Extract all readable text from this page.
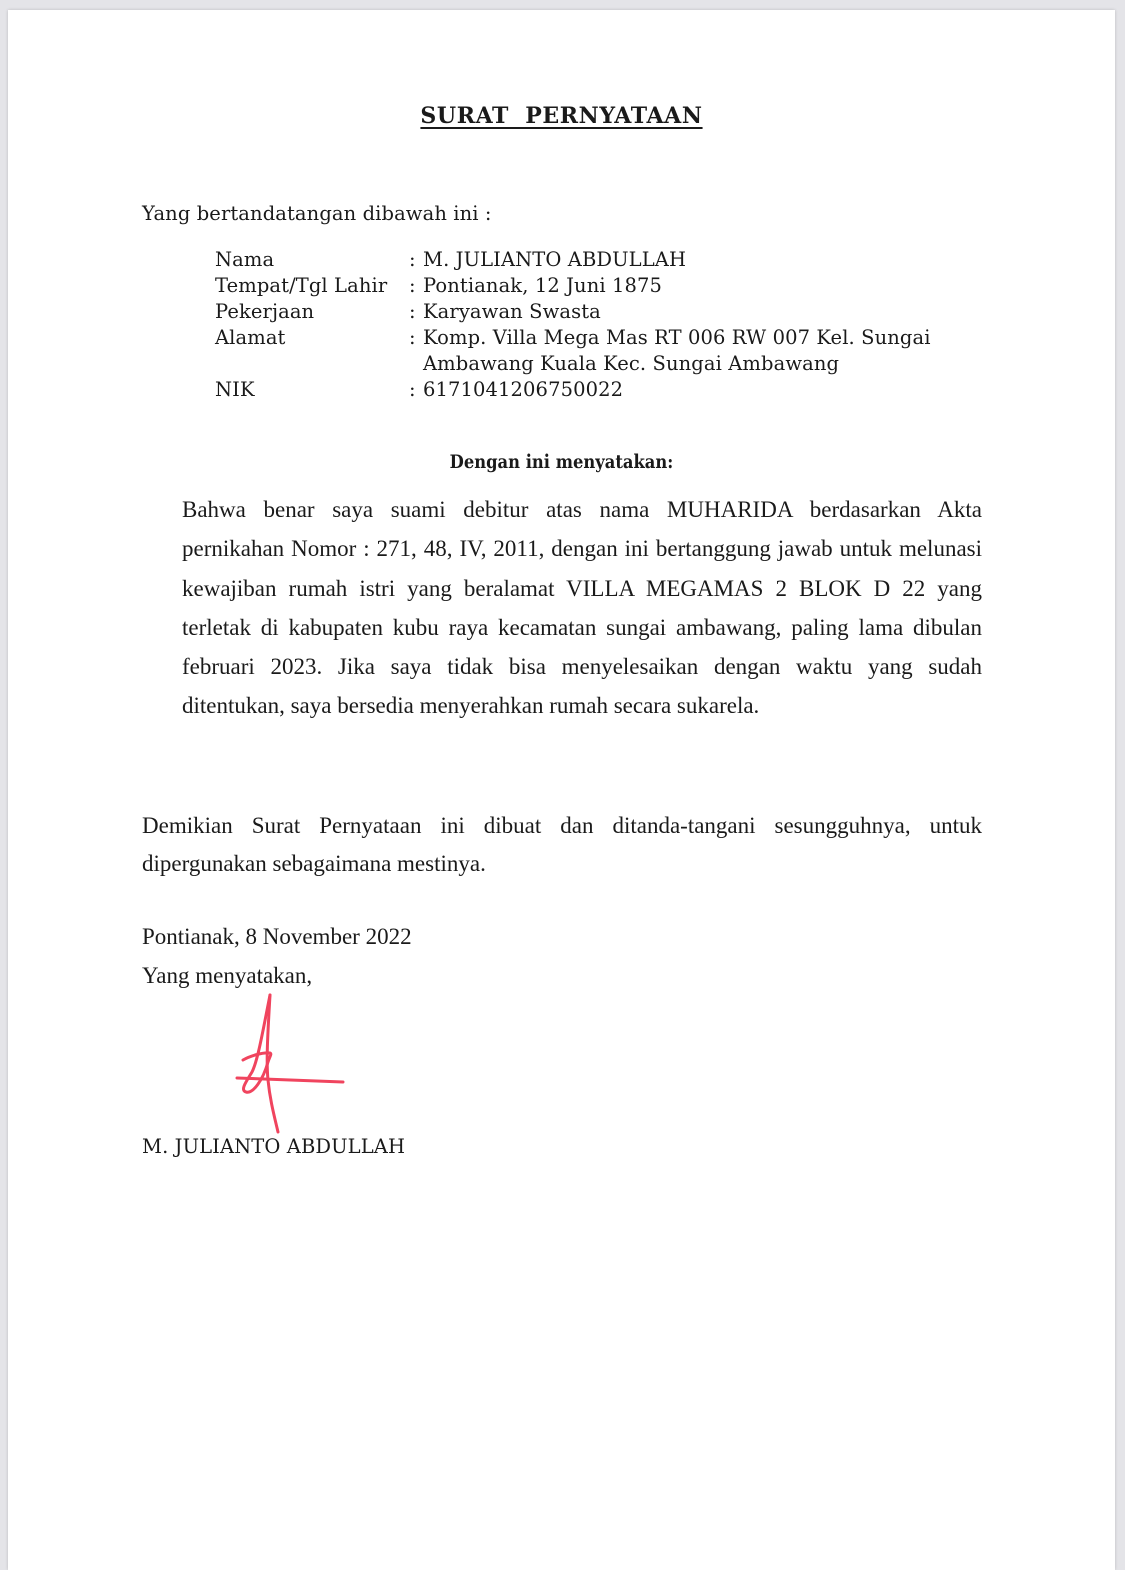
SURAT PERNYATAAN
Yang bertandatangan dibawah ini :
Nama	: M. JULIANTO ABDULLAH
Tempat/Tgl Lahir	: Pontianak, 12 Juni 1875
Pekerjaan	: Karyawan Swasta
Alamat	: Komp. Villa Mega Mas RT 006 RW 007 Kel. Sungai Ambawang Kuala Kec. Sungai Ambawang
NIK	: 6171041206750022
Dengan ini menyatakan:
Bahwa benar saya suami debitur atas nama MUHARIDA berdasarkan Akta pernikahan Nomor : 271, 48, IV, 2011, dengan ini bertanggung jawab untuk melunasi kewajiban rumah istri yang beralamat VILLA MEGAMAS 2 BLOK D 22 yang terletak di kabupaten kubu raya kecamatan sungai ambawang, paling lama dibulan februari 2023. Jika saya tidak bisa menyelesaikan dengan waktu yang sudah ditentukan, saya bersedia menyerahkan rumah secara sukarela.
Demikian Surat Pernyataan ini dibuat dan ditanda-tangani sesungguhnya, untuk dipergunakan sebagaimana mestinya.
Pontianak, 8 November 2022
Yang menyatakan,
M. JULIANTO ABDULLAH
